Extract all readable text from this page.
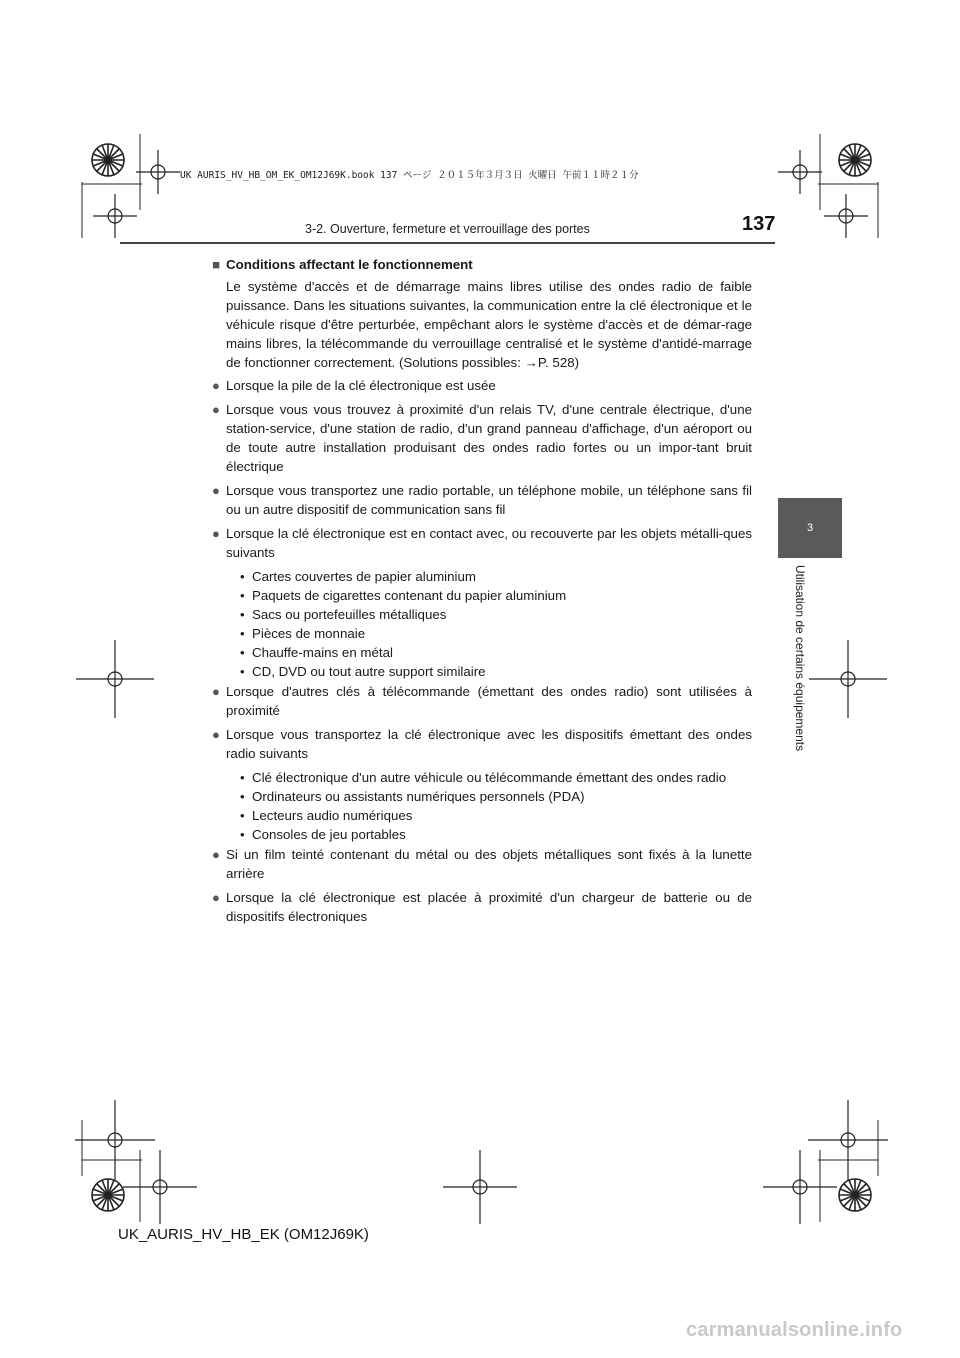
UK AURIS_HV_HB_OM_EK_OM12J69K.book 137 ページ ２０１５年３月３日 火曜日 午前１１時２１分
3-2. Ouverture, fermeture et verrouillage des portes	137
3
Utilisation de certains équipements
■ Conditions affectant le fonctionnement

Le système d'accès et de démarrage mains libres utilise des ondes radio de faible puissance. Dans les situations suivantes, la communication entre la clé électronique et le véhicule risque d'être perturbée, empêchant alors le système d'accès et de démar-rage mains libres, la télécommande du verrouillage centralisé et le système d'antidé-marrage de fonctionner correctement. (Solutions possibles: →P. 528)

● Lorsque la pile de la clé électronique est usée
● Lorsque vous vous trouvez à proximité d'un relais TV, d'une centrale électrique, d'une station-service, d'une station de radio, d'un grand panneau d'affichage, d'un aéroport ou de toute autre installation produisant des ondes radio fortes ou un impor-tant bruit électrique
● Lorsque vous transportez une radio portable, un téléphone mobile, un téléphone sans fil ou un autre dispositif de communication sans fil
● Lorsque la clé électronique est en contact avec, ou recouverte par les objets métalli-ques suivants
• Cartes couvertes de papier aluminium
• Paquets de cigarettes contenant du papier aluminium
• Sacs ou portefeuilles métalliques
• Pièces de monnaie
• Chauffe-mains en métal
• CD, DVD ou tout autre support similaire
● Lorsque d'autres clés à télécommande (émettant des ondes radio) sont utilisées à proximité
● Lorsque vous transportez la clé électronique avec les dispositifs émettant des ondes radio suivants
• Clé électronique d'un autre véhicule ou télécommande émettant des ondes radio
• Ordinateurs ou assistants numériques personnels (PDA)
• Lecteurs audio numériques
• Consoles de jeu portables
● Si un film teinté contenant du métal ou des objets métalliques sont fixés à la lunette arrière
● Lorsque la clé électronique est placée à proximité d'un chargeur de batterie ou de dispositifs électroniques
UK_AURIS_HV_HB_EK (OM12J69K)
carmanualsonline.info
